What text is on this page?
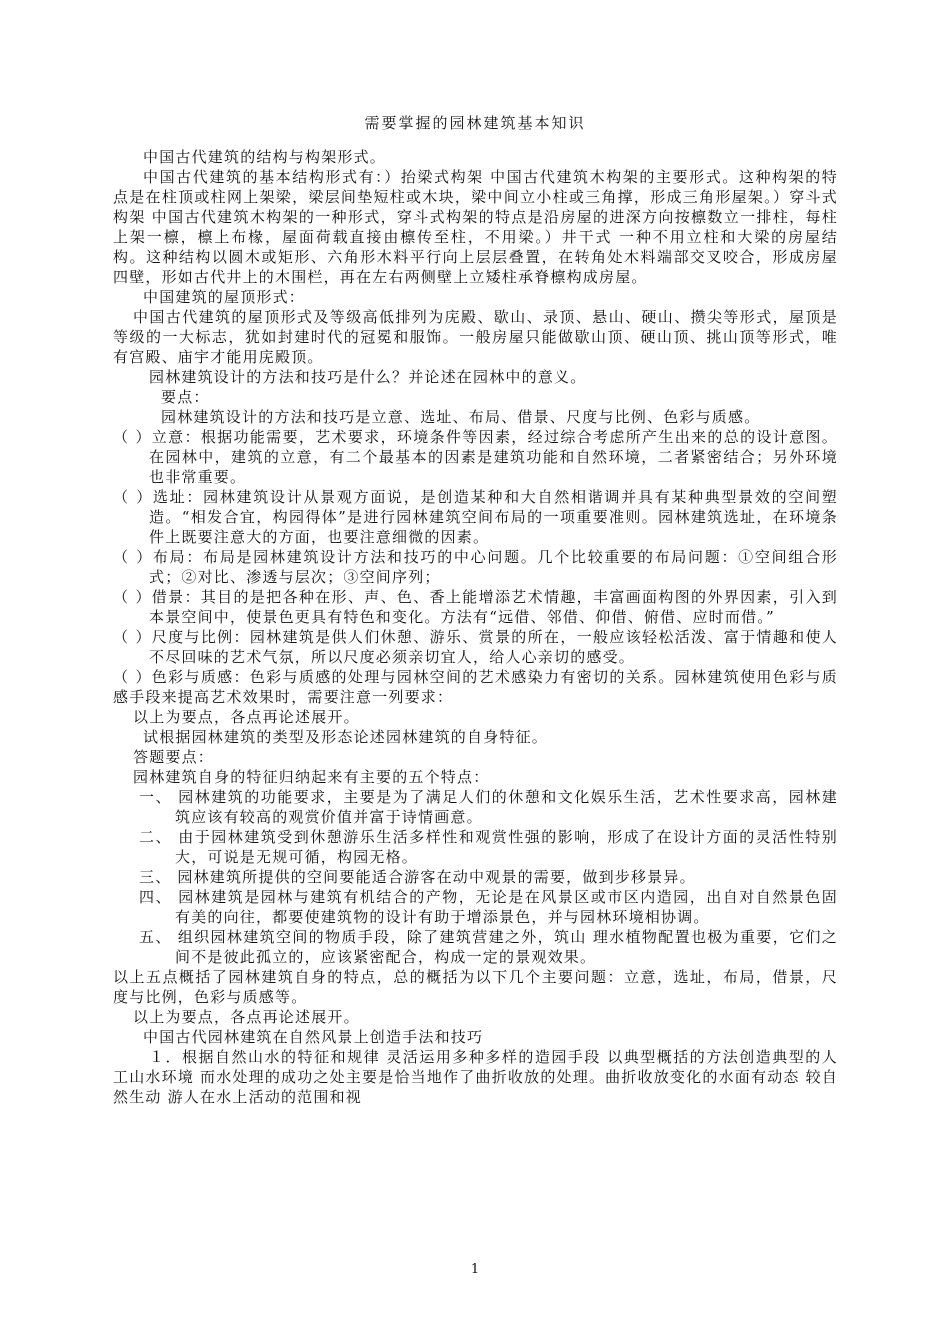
需要掌握的园林建筑基本知识

中国古代建筑的结构与构架形式。

中国古代建筑的基本结构形式有：）抬梁式构架 中国古代建筑木构架的主要形式。这种构架的特点是在柱顶或柱网上架梁，梁层间垫短柱或木块，梁中间立小柱或三角撑，形成三角形屋架。）穿斗式构架 中国古代建筑木构架的一种形式，穿斗式构架的特点是沿房屋的进深方向按檩数立一排柱，每柱上架一檩，檩上布椽，屋面荷载直接由檩传至柱，不用梁。）井干式 一种不用立柱和大梁的房屋结构。这种结构以圆木或矩形、六角形木料平行向上层层叠置，在转角处木料端部交叉咬合，形成房屋四壁，形如古代井上的木围栏，再在左右两侧壁上立矮柱承脊檩构成房屋。

中国建筑的屋顶形式：

中国古代建筑的屋顶形式及等级高低排列为庑殿、歇山、录顶、悬山、硬山、攒尖等形式，屋顶是等级的一大标志，犹如封建时代的冠冕和服饰。一般房屋只能做歇山顶、硬山顶、挑山顶等形式，唯有宫殿、庙宇才能用庑殿顶。

园林建筑设计的方法和技巧是什么？并论述在园林中的意义。

要点：

园林建筑设计的方法和技巧是立意、选址、布局、借景、尺度与比例、色彩与质感。

（ ）立意：根据功能需要，艺术要求，环境条件等因素，经过综合考虑所产生出来的总的设计意图。在园林中，建筑的立意，有二个最基本的因素是建筑功能和自然环境，二者紧密结合；另外环境也非常重要。

（ ）选址：园林建筑设计从景观方面说，是创造某种和大自然相谐调并具有某种典型景效的空间塑造。“相发合宜，构园得体”是进行园林建筑空间布局的一项重要准则。园林建筑选址，在环境条件上既要注意大的方面，也要注意细微的因素。

（ ）布局：布局是园林建筑设计方法和技巧的中心问题。几个比较重要的布局问题：①空间组合形式；②对比、渗透与层次；③空间序列；

（ ）借景：其目的是把各种在形、声、色、香上能增添艺术情趣，丰富画面构图的外界因素，引入到本景空间中，使景色更具有特色和变化。方法有“远借、邻借、仰借、俯借、应时而借。”

（ ）尺度与比例：园林建筑是供人们休憩、游乐、赏景的所在，一般应该轻松活泼、富于情趣和使人不尽回味的艺术气氛，所以尺度必须亲切宜人，给人心亲切的感受。

（ ）色彩与质感：色彩与质感的处理与园林空间的艺术感染力有密切的关系。园林建筑使用色彩与质感手段来提高艺术效果时，需要注意一列要求：

以上为要点，各点再论述展开。

试根据园林建筑的类型及形态论述园林建筑的自身特征。

答题要点：

园林建筑自身的特征归纳起来有主要的五个特点：

一、 园林建筑的功能要求，主要是为了满足人们的休憩和文化娱乐生活，艺术性要求高，园林建筑应该有较高的观赏价值并富于诗情画意。

二、 由于园林建筑受到休憩游乐生活多样性和观赏性强的影响，形成了在设计方面的灵活性特别大，可说是无规可循，构园无格。

三、 园林建筑所提供的空间要能适合游客在动中观景的需要，做到步移景异。

四、 园林建筑是园林与建筑有机结合的产物，无论是在风景区或市区内造园，出自对自然景色固有美的向往，都要使建筑物的设计有助于增添景色，并与园林环境相协调。

五、 组织园林建筑空间的物质手段，除了建筑营建之外，筑山 理水植物配置也极为重要，它们之间不是彼此孤立的，应该紧密配合，构成一定的景观效果。

以上五点概括了园林建筑自身的特点，总的概括为以下几个主要问题：立意，选址，布局，借景，尺度与比例，色彩与质感等。

以上为要点，各点再论述展开。

中国古代园林建筑在自然风景上创造手法和技巧

１．根据自然山水的特征和规律 灵活运用多种多样的造园手段 以典型概括的方法创造典型的人工山水环境 而水处理的成功之处主要是恰当地作了曲折收放的处理。曲折收放变化的水面有动态 较自然生动 游人在水上活动的范围和视

1
